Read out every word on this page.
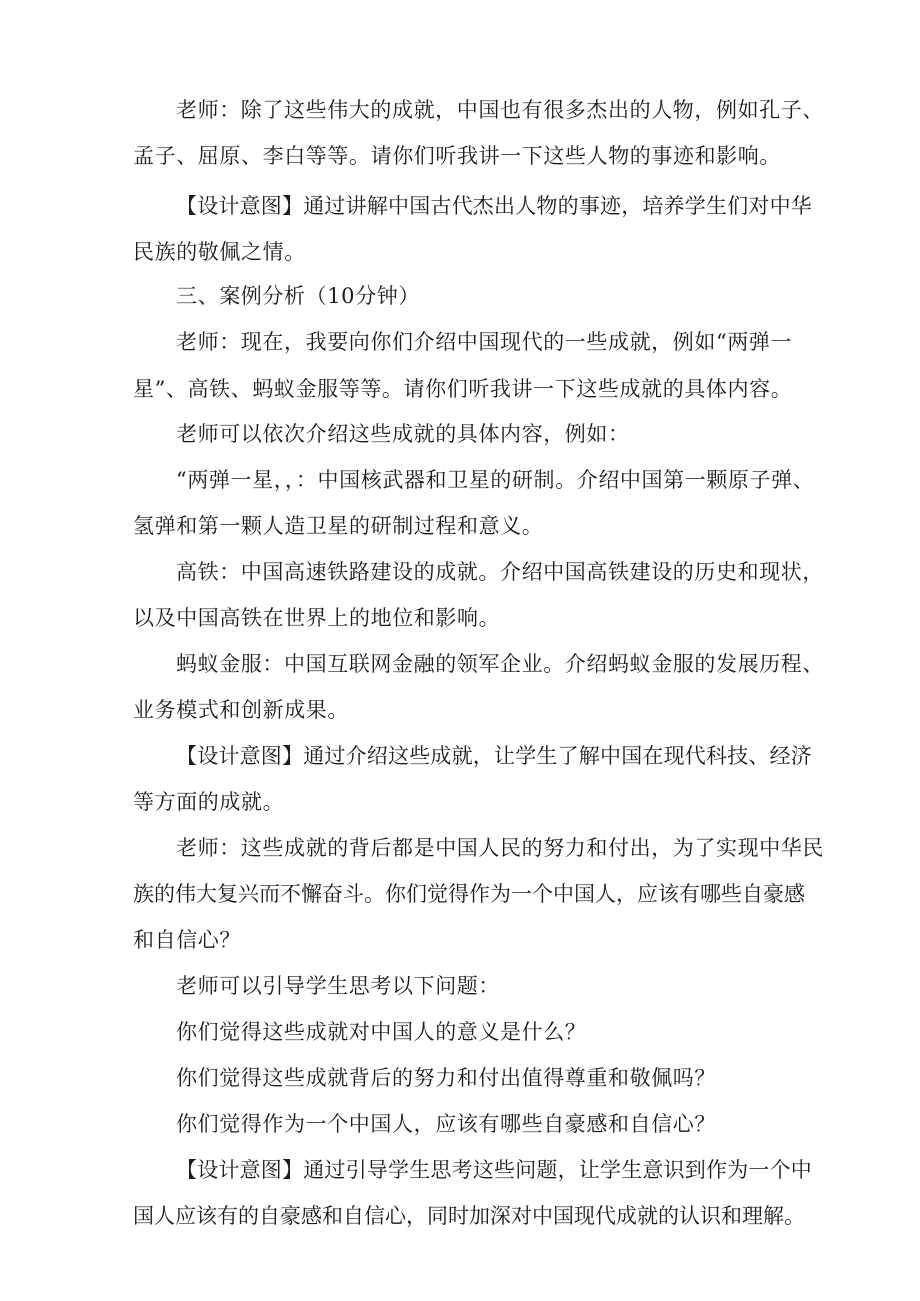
老师：除了这些伟大的成就，中国也有很多杰出的人物，例如孔子、
孟子、屈原、李白等等。请你们听我讲一下这些人物的事迹和影响。
【设计意图】通过讲解中国古代杰出人物的事迹，培养学生们对中华
民族的敬佩之情。
三、案例分析（10分钟）
老师：现在，我要向你们介绍中国现代的一些成就，例如“两弹一
星”、高铁、蚂蚁金服等等。请你们听我讲一下这些成就的具体内容。
老师可以依次介绍这些成就的具体内容，例如：
“两弹一星，，：中国核武器和卫星的研制。介绍中国第一颗原子弹、
氢弹和第一颗人造卫星的研制过程和意义。
高铁：中国高速铁路建设的成就。介绍中国高铁建设的历史和现状，
以及中国高铁在世界上的地位和影响。
蚂蚁金服：中国互联网金融的领军企业。介绍蚂蚁金服的发展历程、
业务模式和创新成果。
【设计意图】通过介绍这些成就，让学生了解中国在现代科技、经济
等方面的成就。
老师：这些成就的背后都是中国人民的努力和付出，为了实现中华民
族的伟大复兴而不懈奋斗。你们觉得作为一个中国人，应该有哪些自豪感
和自信心？
老师可以引导学生思考以下问题：
你们觉得这些成就对中国人的意义是什么？
你们觉得这些成就背后的努力和付出值得尊重和敬佩吗？
你们觉得作为一个中国人，应该有哪些自豪感和自信心？
【设计意图】通过引导学生思考这些问题，让学生意识到作为一个中
国人应该有的自豪感和自信心，同时加深对中国现代成就的认识和理解。
